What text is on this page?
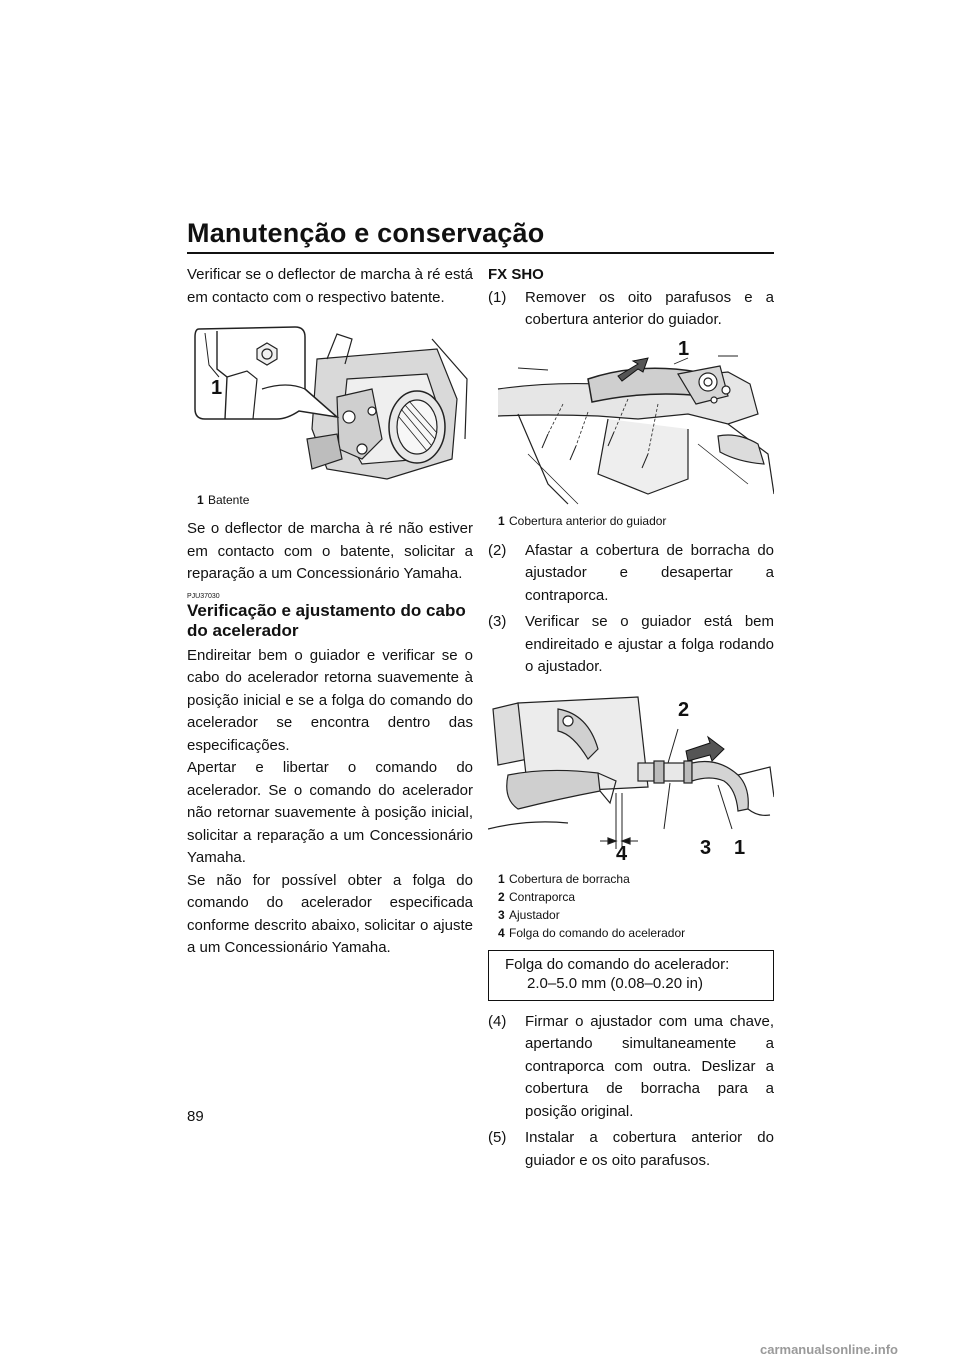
Manutenção e conservação

Verificar se o deflector de marcha à ré está em contacto com o respectivo batente.

1
1 Batente

Se o deflector de marcha à ré não estiver em contacto com o batente, solicitar a reparação a um Concessionário Yamaha.

PJU37030
Verificação e ajustamento do cabo do acelerador

Endireitar bem o guiador e verificar se o cabo do acelerador retorna suavemente à posição inicial e se a folga do comando do acelerador se encontra dentro das especificações.

Apertar e libertar o comando do acelerador. Se o comando do acelerador não retornar suavemente à posição inicial, solicitar a reparação a um Concessionário Yamaha.

Se não for possível obter a folga do comando do acelerador especificada conforme descrito abaixo, solicitar o ajuste a um Concessionário Yamaha.

FX SHO
(1)	Remover os oito parafusos e a cobertura anterior do guiador.
1
1 Cobertura anterior do guiador
(2)	Afastar a cobertura de borracha do ajustador e desapertar a contraporca.
(3)	Verificar se o guiador está bem endireitado e ajustar a folga rodando o ajustador.
2
4	3 1
1 Cobertura de borracha
2 Contraporca
3 Ajustador
4 Folga do comando do acelerador
Folga do comando do acelerador:
2.0–5.0 mm (0.08–0.20 in)
(4)	Firmar o ajustador com uma chave, apertando simultaneamente a contraporca com outra. Deslizar a cobertura de borracha para a posição original.
(5)	Instalar a cobertura anterior do guiador e os oito parafusos.
89
carmanualsonline.info
